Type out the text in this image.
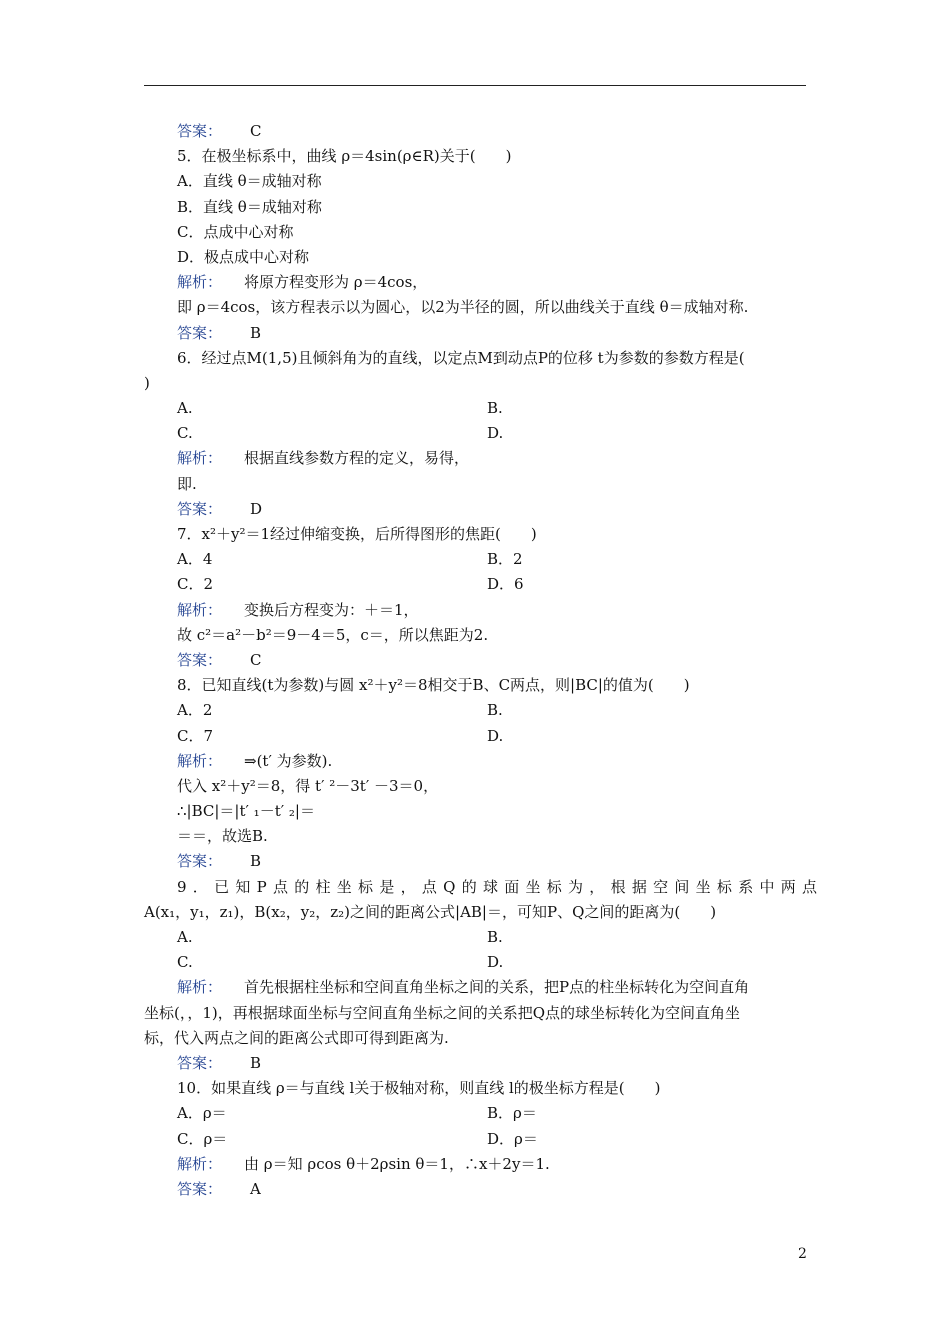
答案： C
5．在极坐标系中，曲线 ρ＝4sin(ρ∈R)关于(　　)
A．直线 θ＝成轴对称
B．直线 θ＝成轴对称
C．点成中心对称
D．极点成中心对称
解析： 将原方程变形为 ρ＝4cos，
即 ρ＝4cos，该方程表示以为圆心，以2为半径的圆，所以曲线关于直线 θ＝成轴对称.
答案： B
6．经过点M(1,5)且倾斜角为的直线，以定点M到动点P的位移 t为参数的参数方程是(
)
A.	B.
C.	D.
解析： 根据直线参数方程的定义，易得，
即.
答案： D
7．x²＋y²＝1经过伸缩变换，后所得图形的焦距(　　)
A．4	B．2
C．2	D．6
解析： 变换后方程变为：＋＝1，
故 c²＝a²－b²＝9－4＝5，c＝，所以焦距为2.
答案： C
8．已知直线(t为参数)与圆 x²＋y²＝8相交于B、C两点，则|BC|的值为(　　)
A．2	B.
C．7	D.
解析： ⇒(t′ 为参数).
代入 x²＋y²＝8，得 t′ ²－3t′ －3＝0，
∴|BC|＝|t′ ₁－t′ ₂|＝
＝＝，故选B.
答案： B
9．已知P点的柱坐标是，点Q的球面坐标为，根据空间坐标系中两点
A(x₁，y₁，z₁)，B(x₂，y₂，z₂)之间的距离公式|AB|＝，可知P、Q之间的距离为(　　)
A.	B.
C.	D.
解析： 首先根据柱坐标和空间直角坐标之间的关系，把P点的柱坐标转化为空间直角
坐标(，，1)，再根据球面坐标与空间直角坐标之间的关系把Q点的球坐标转化为空间直角坐
标，代入两点之间的距离公式即可得到距离为.
答案： B
10．如果直线 ρ＝与直线 l关于极轴对称，则直线 l的极坐标方程是(　　)
A．ρ＝	B．ρ＝
C．ρ＝	D．ρ＝
解析： 由 ρ＝知 ρcos θ＋2ρsin θ＝1，∴x＋2y＝1.
答案： A
2
